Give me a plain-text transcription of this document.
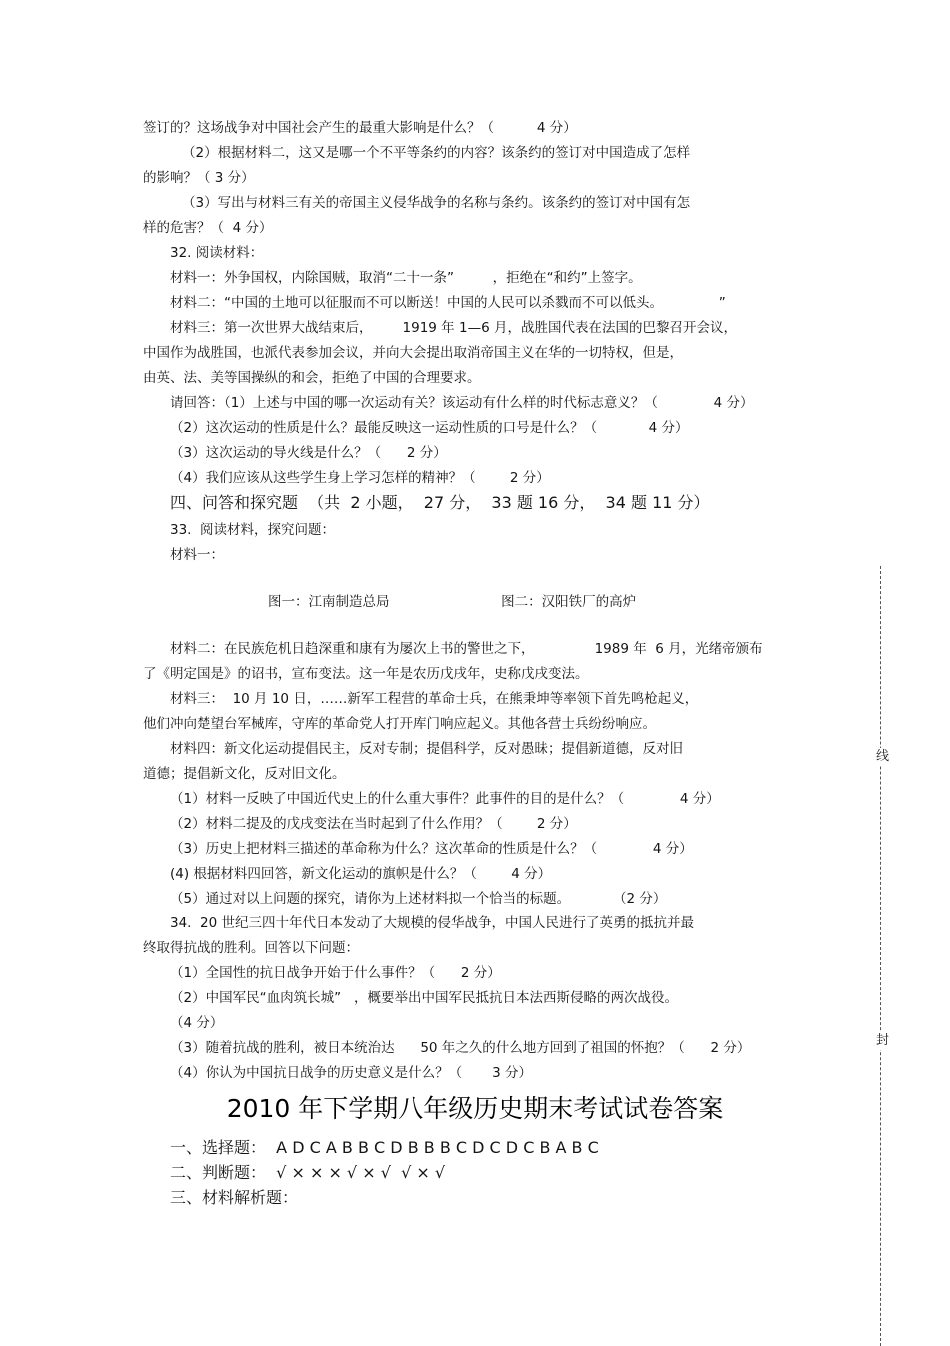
签订的？这场战争对中国社会产生的最重大影响是什么？（          4 分）
（2）根据材料二，这又是哪一个不平等条约的内容？该条约的签订对中国造成了怎样
的影响？（ 3 分）
（3）写出与材料三有关的帝国主义侵华战争的名称与条约。该条约的签订对中国有怎
样的危害？（  4 分）
32. 阅读材料：
材料一：外争国权，内除国贼，取消“二十一条”         ，拒绝在“和约”上签字。
材料二：“中国的土地可以征服而不可以断送！中国的人民可以杀戮而不可以低头。             ”
材料三：第一次世界大战结束后，       1919 年 1—6 月，战胜国代表在法国的巴黎召开会议，
中国作为战胜国，也派代表参加会议，并向大会提出取消帝国主义在华的一切特权，但是，
由英、法、美等国操纵的和会，拒绝了中国的合理要求。
请回答：（1）上述与中国的哪一次运动有关？该运动有什么样的时代标志意义？（             4 分）
（2）这次运动的性质是什么？最能反映这一运动性质的口号是什么？（            4 分）
（3）这次运动的导火线是什么？（      2 分）
（4）我们应该从这些学生身上学习怎样的精神？（        2 分）
33.  阅读材料，探究问题：
材料一：
图一：江南制造总局                          图二：汉阳铁厂的高炉
材料二：在民族危机日趋深重和康有为屡次上书的警世之下，              1989 年  6 月，光绪帝颁布
了《明定国是》的诏书，宣布变法。这一年是农历戊戌年，史称戊戌变法。
材料三：  10 月 10 日，……新军工程营的革命士兵，在熊秉坤等率领下首先鸣枪起义，
他们冲向楚望台军械库，守库的革命党人打开库门响应起义。其他各营士兵纷纷响应。
材料四：新文化运动提倡民主，反对专制；提倡科学，反对愚昧；提倡新道德，反对旧
道德；提倡新文化，反对旧文化。
（1）材料一反映了中国近代史上的什么重大事件？此事件的目的是什么？（             4 分）
（2）材料二提及的戊戌变法在当时起到了什么作用？（        2 分）
（3）历史上把材料三描述的革命称为什么？这次革命的性质是什么？（             4 分）
(4) 根据材料四回答，新文化运动的旗帜是什么？（        4 分）
（5）通过对以上问题的探究，请你为上述材料拟一个恰当的标题。          （2 分）
34.  20 世纪三四十年代日本发动了大规模的侵华战争，中国人民进行了英勇的抵抗并最
终取得抗战的胜利。回答以下问题：
（1）全国性的抗日战争开始于什么事件？（      2 分）
（2）中国军民“血肉筑长城”   ，概要举出中国军民抵抗日本法西斯侵略的两次战役。
（4 分）
（3）随着抗战的胜利，被日本统治达      50 年之久的什么地方回到了祖国的怀抱？（      2 分）
（4）你认为中国抗日战争的历史意义是什么？（       3 分）
四、问答和探究题  （共  2 小题，  27 分，  33 题 16 分，  34 题 11 分）
2010 年下学期八年级历史期末考试试卷答案
一、选择题：  A D C A B B C D B B B C D C D C B A B C
二、判断题：  √ × × × √ × √  √ × √
三、材料解析题：
线
封
